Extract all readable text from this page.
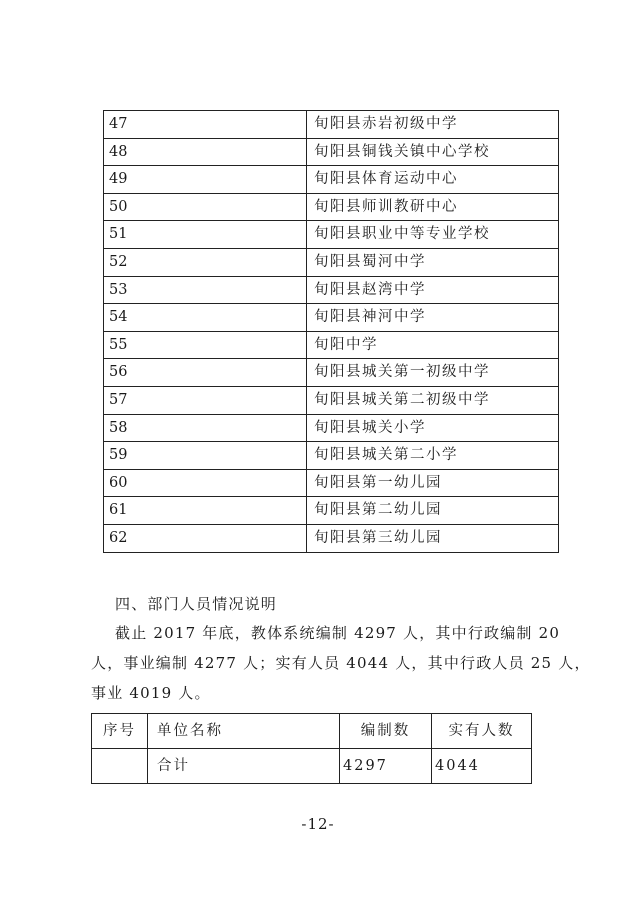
47	旬阳县赤岩初级中学
48	旬阳县铜钱关镇中心学校
49	旬阳县体育运动中心
50	旬阳县师训教研中心
51	旬阳县职业中等专业学校
52	旬阳县蜀河中学
53	旬阳县赵湾中学
54	旬阳县神河中学
55	旬阳中学
56	旬阳县城关第一初级中学
57	旬阳县城关第二初级中学
58	旬阳县城关小学
59	旬阳县城关第二小学
60	旬阳县第一幼儿园
61	旬阳县第二幼儿园
62	旬阳县第三幼儿园
四、部门人员情况说明
截止 2017 年底，教体系统编制 4297 人，其中行政编制 20
人，事业编制 4277 人；实有人员 4044 人，其中行政人员 25 人，
事业 4019 人。
序号	单位名称	编制数	实有人数
	合计	4297	4044
-12-
